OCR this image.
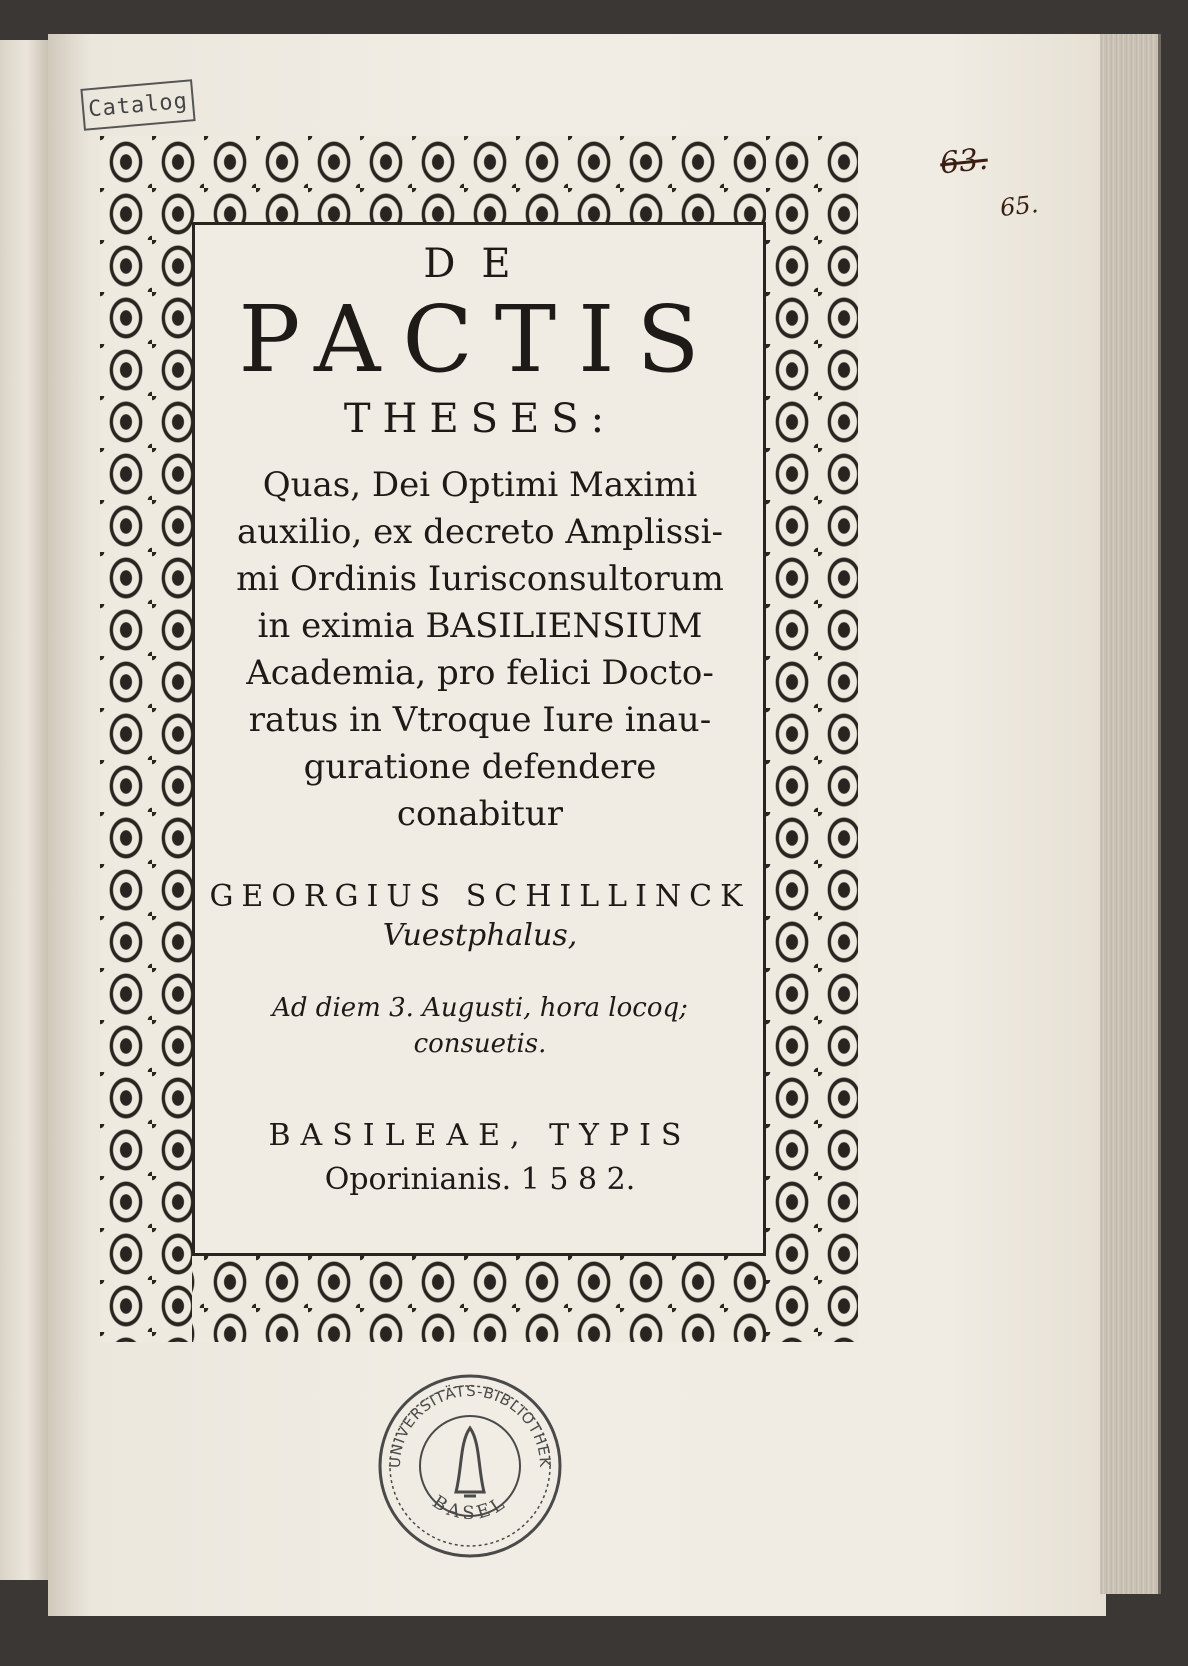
Catalog
63.
65.
DE
PACTIS
THESES:
Quas, Dei Optimi Maximi
auxilio, ex decreto Amplissi-
mi Ordinis Iurisconsultorum
in eximia BASILIENSIUM
Academia, pro felici Docto-
ratus in Vtroque Iure inau-
guratione defendere
conabitur
GEORGIUS SCHILLINCK
Vuestphalus,
Ad diem 3. Augusti, hora locoq;
consuetis.
BASILEAE, TYPIS
Oporinianis. 1 5 8 2.
UNIVERSITÄTS-BIBLIOTHEK
BASEL
